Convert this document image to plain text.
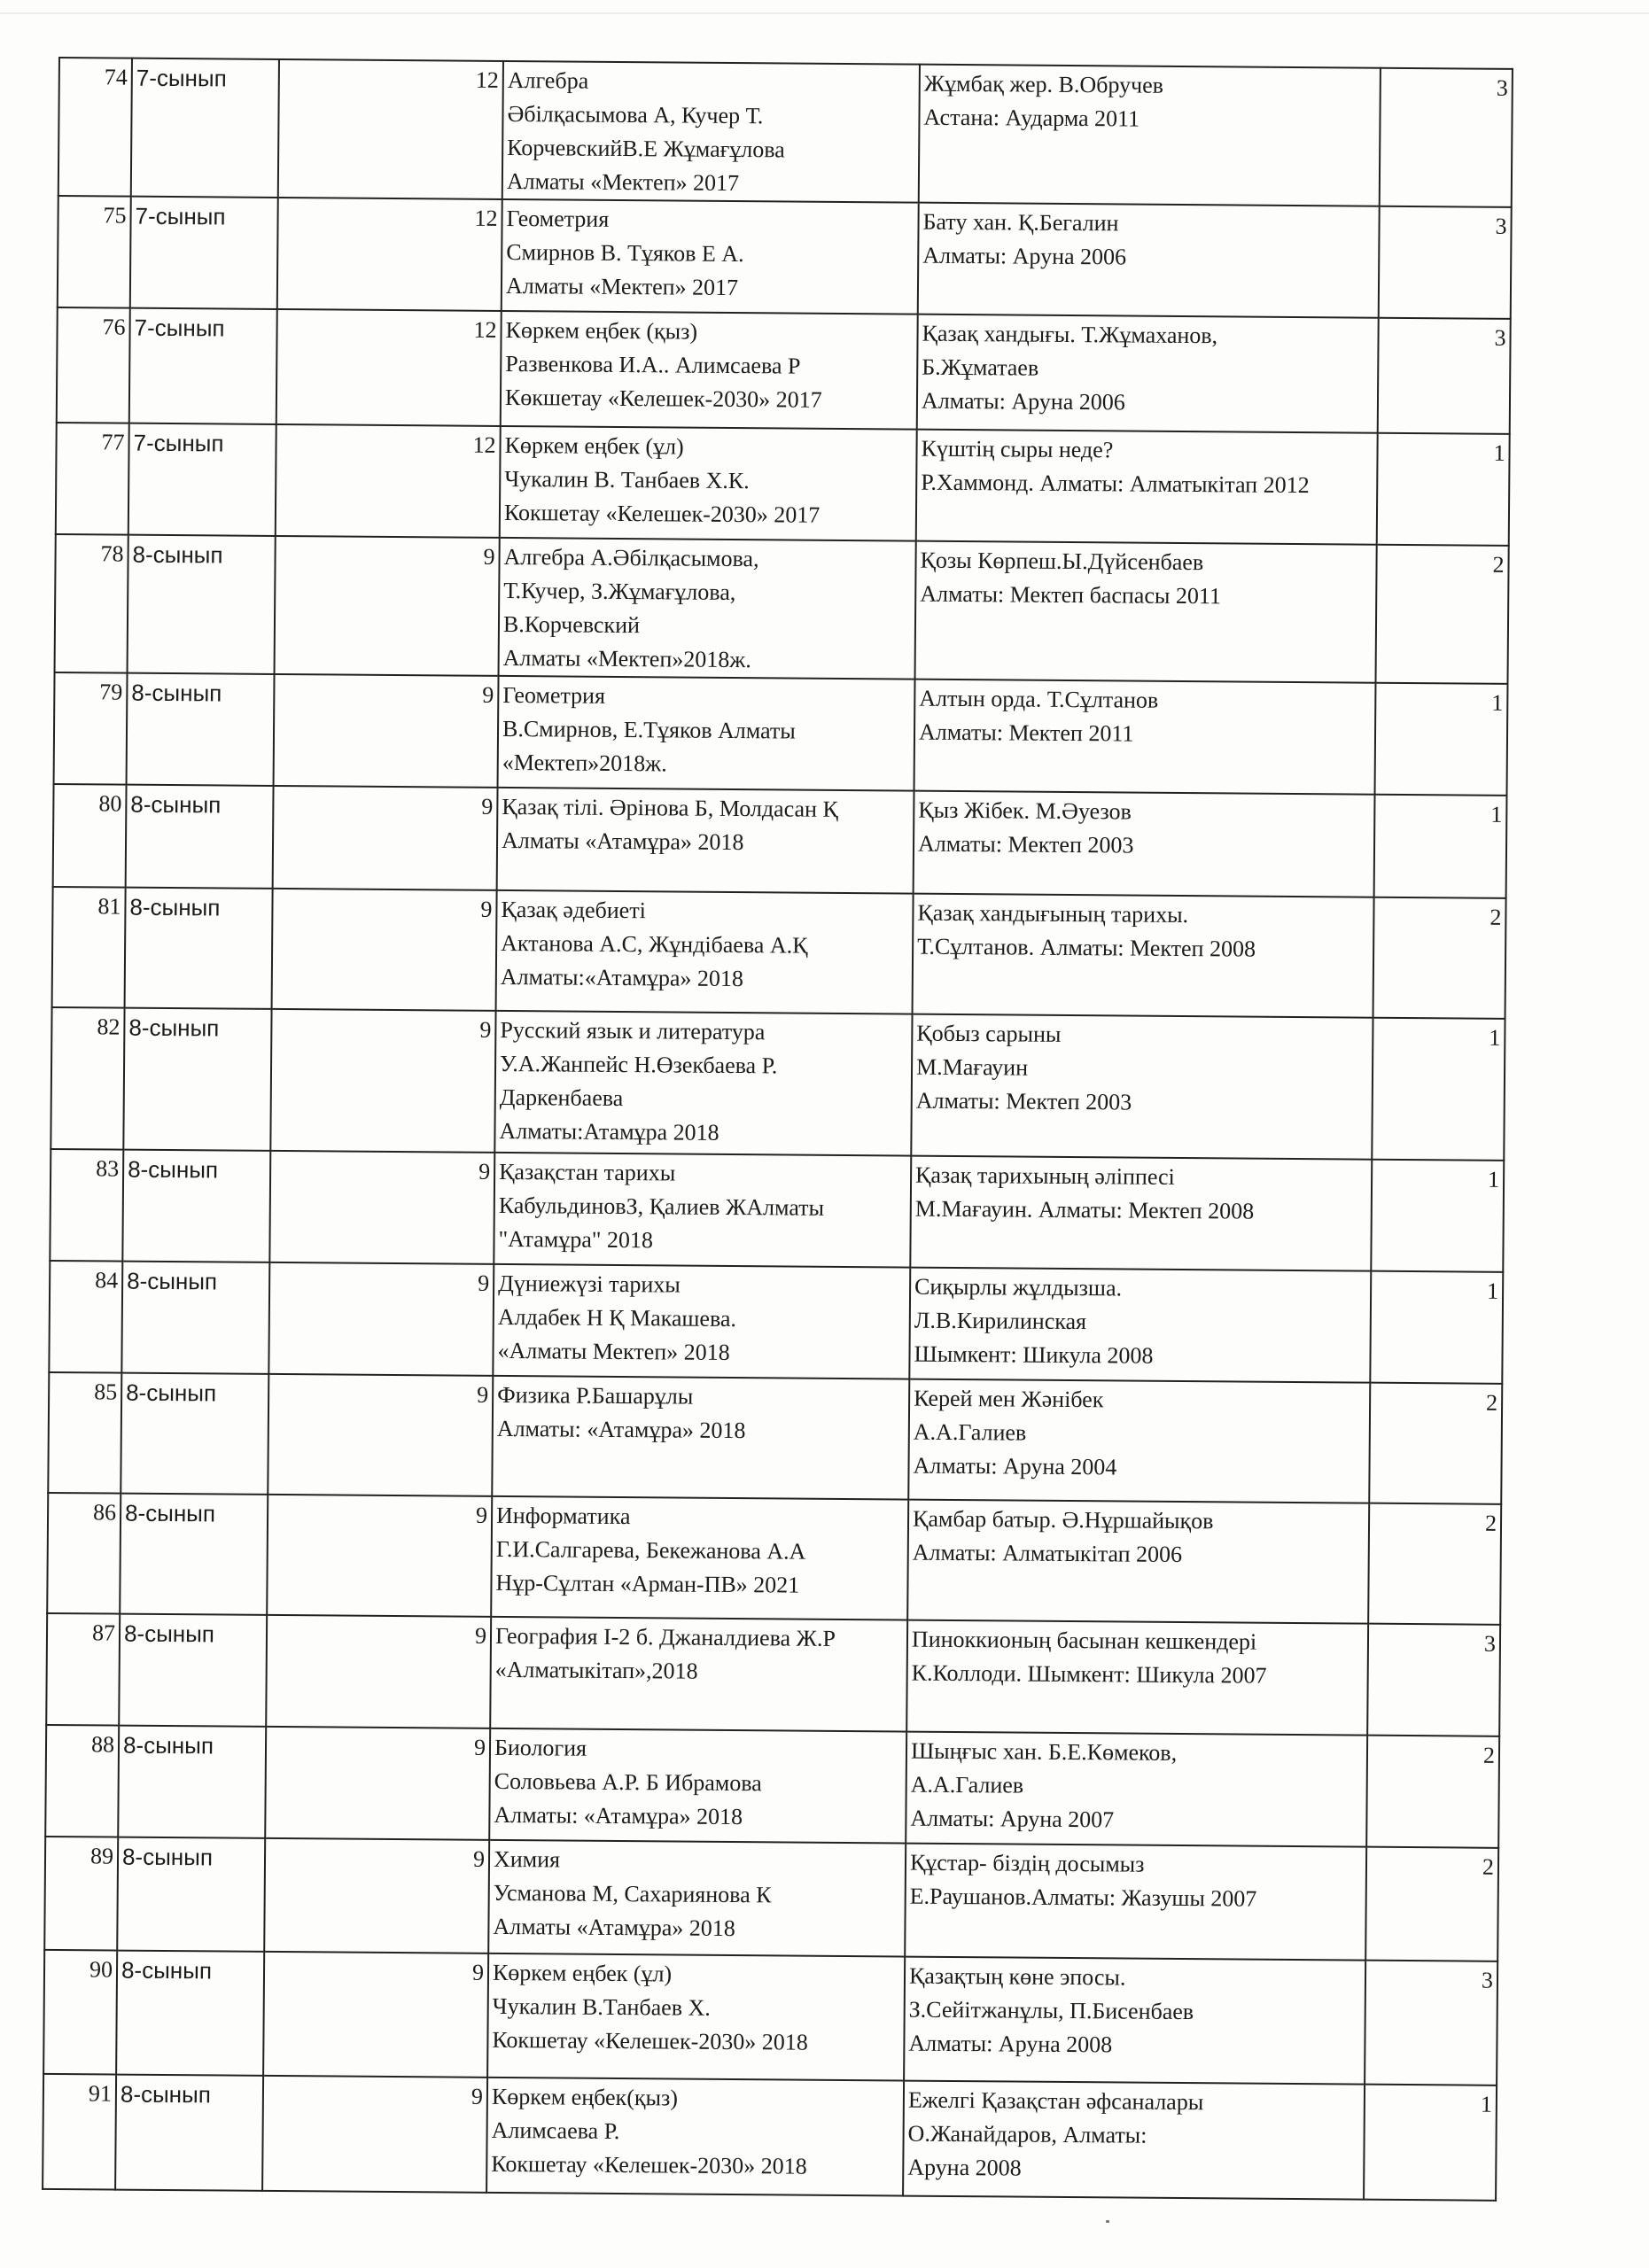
74	7-сынып	12	Алгебра
Әбілқасымова А, Кучер Т.
КорчевскийВ.Е Жұмағұлова
Алматы «Мектеп» 2017	Жұмбақ жер. В.Обручев
Астана: Аударма 2011	3
75	7-сынып	12	Геометрия
Смирнов В. Тұяков Е А.
Алматы «Мектеп» 2017	Бату хан. Қ.Бегалин
Алматы: Аруна 2006	3
76	7-сынып	12	Көркем еңбек (қыз)
Развенкова И.А.. Алимсаева Р
Көкшетау «Келешек-2030» 2017	Қазақ хандығы. Т.Жұмаханов,
Б.Жұматаев
Алматы: Аруна 2006	3
77	7-сынып	12	Көркем еңбек (ұл)
Чукалин В. Танбаев Х.К.
Кокшетау «Келешек-2030» 2017	Күштің сыры неде?
Р.Хаммонд. Алматы: Алматыкітап 2012	1
78	8-сынып	9	Алгебра А.Әбілқасымова,
Т.Кучер, З.Жұмағұлова,
В.Корчевский
Алматы «Мектеп»2018ж.	Қозы Көрпеш.Ы.Дүйсенбаев
Алматы: Мектеп баспасы 2011	2
79	8-сынып	9	Геометрия
В.Смирнов, Е.Тұяков Алматы
«Мектеп»2018ж.	Алтын орда. Т.Сұлтанов
Алматы: Мектеп 2011	1
80	8-сынып	9	Қазақ тілі. Әрінова Б, Молдасан Қ
Алматы «Атамұра» 2018	Қыз Жібек. М.Әуезов
Алматы: Мектеп 2003	1
81	8-сынып	9	Қазақ әдебиеті
Актанова А.С, Жұндібаева А.Қ
Алматы:«Атамұра» 2018	Қазақ хандығының тарихы.
Т.Сұлтанов. Алматы: Мектеп 2008	2
82	8-сынып	9	Русский язык и литература
У.А.Жанпейс Н.Өзекбаева Р.
Даркенбаева
Алматы:Атамұра 2018	Қобыз сарыны
М.Мағауин
Алматы: Мектеп 2003	1
83	8-сынып	9	Қазақстан тарихы
КабульдиновЗ, Қалиев ЖАлматы
"Атамұра" 2018	Қазақ тарихының әліппесі
М.Мағауин. Алматы: Мектеп 2008	1
84	8-сынып	9	Дүниежүзі тарихы
Алдабек Н Қ Макашева.
«Алматы Мектеп» 2018	Сиқырлы жұлдызша.
Л.В.Кирилинская
Шымкент: Шикула 2008	1
85	8-сынып	9	Физика Р.Башарұлы
Алматы: «Атамұра» 2018	Керей мен Жәнібек
А.А.Галиев
Алматы: Аруна 2004	2
86	8-сынып	9	Информатика
Г.И.Салгарева, Бекежанова А.А
Нұр-Сұлтан «Арман-ПВ» 2021	Қамбар батыр. Ә.Нұршайықов
Алматы: Алматыкітап 2006	2
87	8-сынып	9	География І-2 б. Джаналдиева Ж.Р
«Алматыкітап»,2018	Пиноккионың басынан кешкендері
К.Коллоди. Шымкент: Шикула 2007	3
88	8-сынып	9	Биология
Соловьева А.Р. Б Ибрамова
Алматы: «Атамұра» 2018	Шыңғыс хан. Б.Е.Көмеков,
А.А.Галиев
Алматы: Аруна 2007	2
89	8-сынып	9	Химия
Усманова М, Сахариянова К
Алматы «Атамұра» 2018	Құстар- біздің досымыз
Е.Раушанов.Алматы: Жазушы 2007	2
90	8-сынып	9	Көркем еңбек (ұл)
Чукалин В.Танбаев Х.
Кокшетау «Келешек-2030» 2018	Қазақтың көне эпосы.
З.Сейітжанұлы, П.Бисенбаев
Алматы: Аруна 2008	3
91	8-сынып	9	Көркем еңбек(қыз)
Алимсаева Р.
Кокшетау «Келешек-2030» 2018	Ежелгі Қазақстан әфсаналары
О.Жанайдаров, Алматы:
Аруна 2008	1
